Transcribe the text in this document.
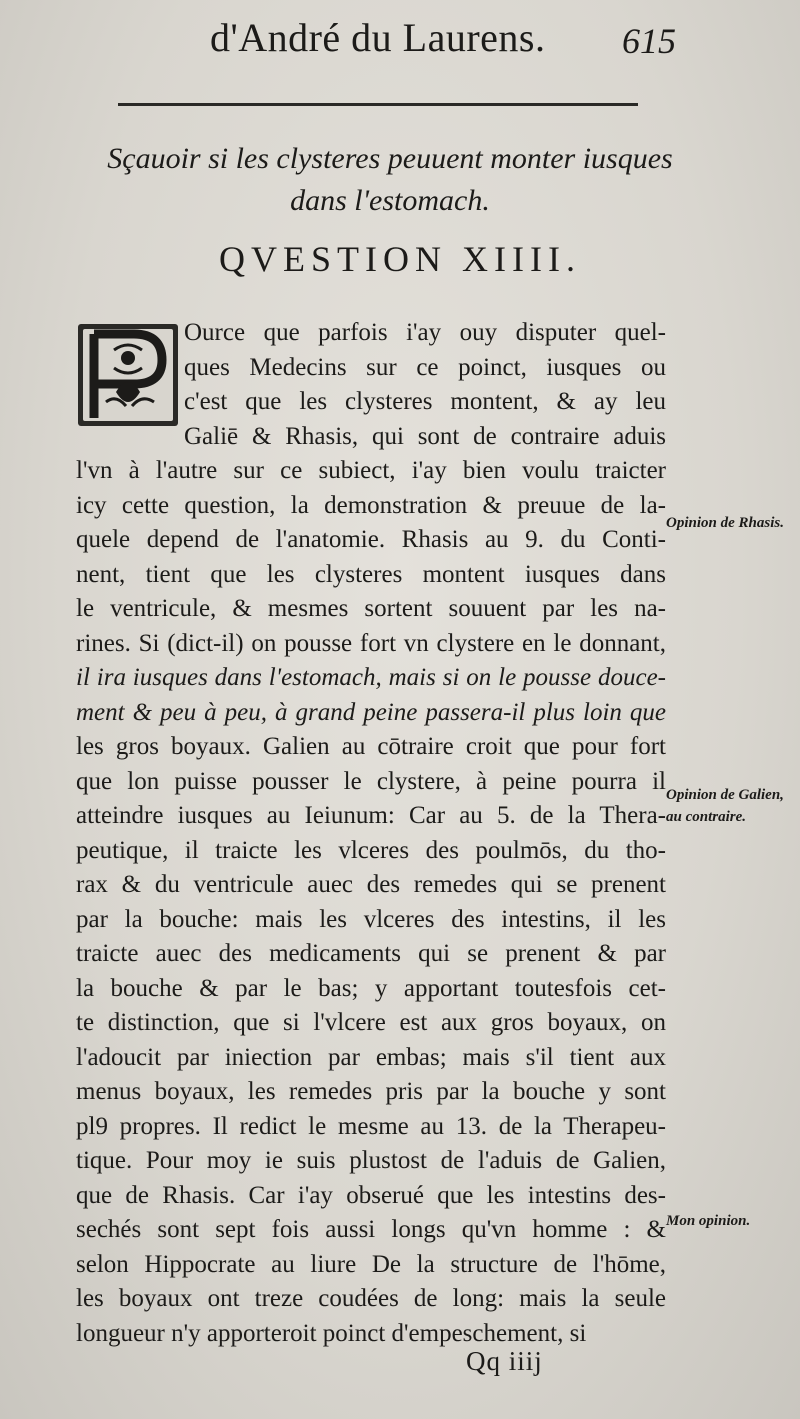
d'André du Laurens.	615
Sçauoir si les clysteres peuuent monter iusques
dans l'estomach.
QVESTION XIIII.
Ource que parfois i'ay ouy disputer quel-
ques Medecins sur ce poinct, iusques ou
c'est que les clysteres montent, & ay leu
Galiē & Rhasis, qui sont de contraire aduis
l'vn à l'autre sur ce subiect, i'ay bien voulu traicter
icy cette question, la demonstration & preuue de la-
quele depend de l'anatomie. Rhasis au 9. du Conti-
nent, tient que les clysteres montent iusques dans
le ventricule, & mesmes sortent souuent par les na-
rines. Si (dict-il) on pousse fort vn clystere en le donnant,
il ira iusques dans l'estomach, mais si on le pousse douce-
ment & peu à peu, à grand peine passera-il plus loin que
les gros boyaux. Galien au cōtraire croit que pour fort
que lon puisse pousser le clystere, à peine pourra il
atteindre iusques au Ieiunum: Car au 5. de la Thera-
peutique, il traicte les vlceres des poulmōs, du tho-
rax & du ventricule auec des remedes qui se prenent
par la bouche: mais les vlceres des intestins, il les
traicte auec des medicaments qui se prenent & par
la bouche & par le bas; y apportant toutesfois cet-
te distinction, que si l'vlcere est aux gros boyaux, on
l'adoucit par iniection par embas; mais s'il tient aux
menus boyaux, les remedes pris par la bouche y sont
pl9 propres. Il redict le mesme au 13. de la Therapeu-
tique. Pour moy ie suis plustost de l'aduis de Galien,
que de Rhasis. Car i'ay obserué que les intestins des-
sechés sont sept fois aussi longs qu'vn homme : &
selon Hippocrate au liure De la structure de l'hōme,
les boyaux ont treze coudées de long: mais la seule
longueur n'y apporteroit poinct d'empeschement, si
Opinion de Rhasis.
Opinion de Galien, au contraire.
Mon opinion.
Qq iiij
